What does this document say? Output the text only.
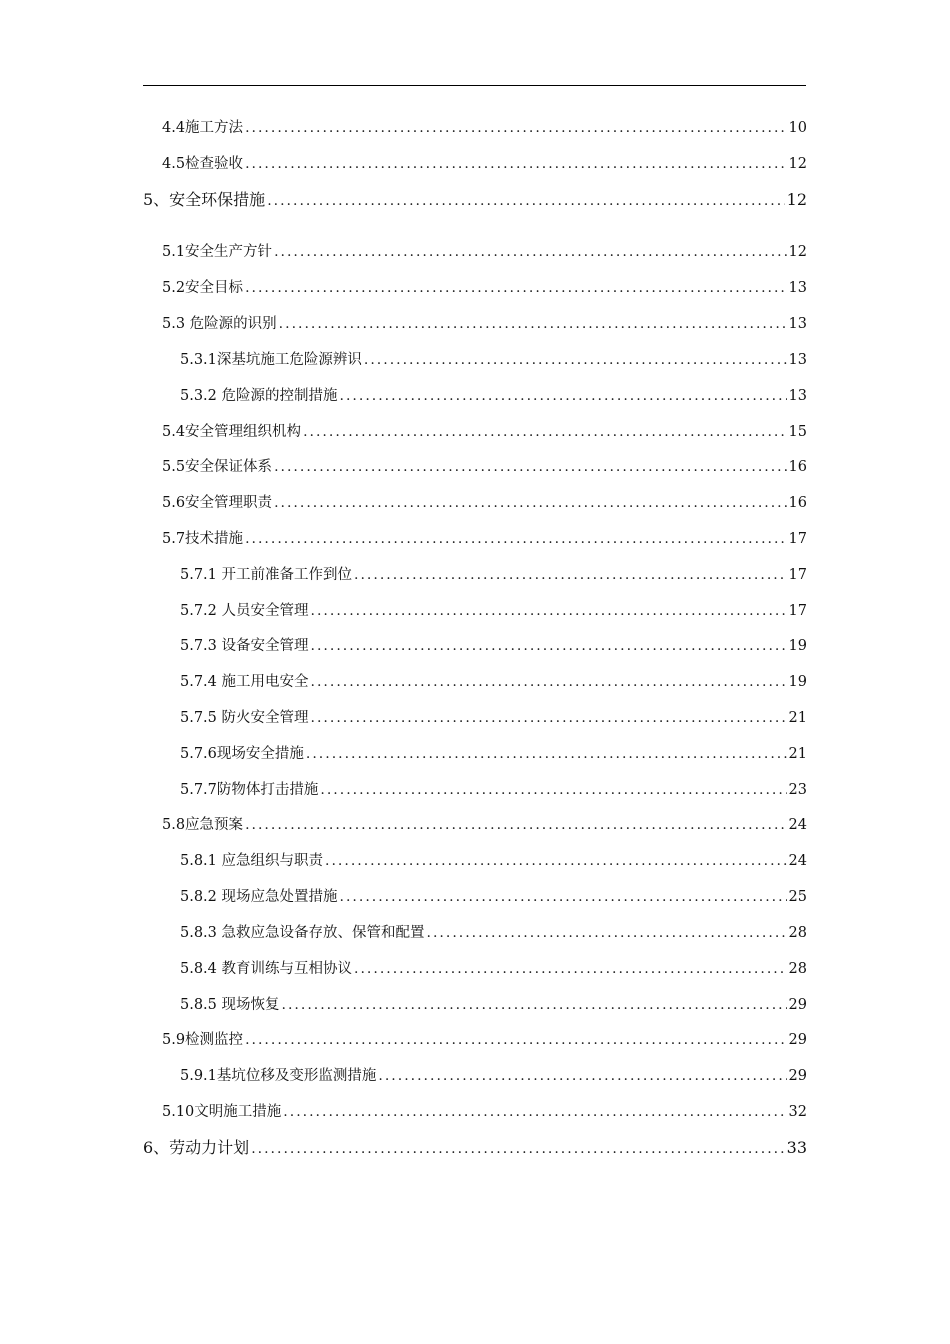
4.4施工方法 .....	10
4.5检查验收 .....	12
5、安全环保措施 .....	12
5.1安全生产方针 .....	12
5.2安全目标 .....	13
5.3 危险源的识别 .....	13
5.3.1深基坑施工危险源辨识 .....	13
5.3.2 危险源的控制措施 .....	13
5.4安全管理组织机构 .....	15
5.5安全保证体系 .....	16
5.6安全管理职责 .....	16
5.7技术措施 .....	17
5.7.1 开工前准备工作到位 .....	17
5.7.2 人员安全管理 .....	17
5.7.3 设备安全管理 .....	19
5.7.4 施工用电安全 .....	19
5.7.5 防火安全管理 .....	21
5.7.6现场安全措施 .....	21
5.7.7防物体打击措施 .....	23
5.8应急预案 .....	24
5.8.1 应急组织与职责 .....	24
5.8.2 现场应急处置措施 .....	25
5.8.3 急救应急设备存放、保管和配置 .....	28
5.8.4 教育训练与互相协议 .....	28
5.8.5 现场恢复 .....	29
5.9检测监控 .....	29
5.9.1基坑位移及变形监测措施 .....	29
5.10文明施工措施 .....	32
6、劳动力计划 .....	33
